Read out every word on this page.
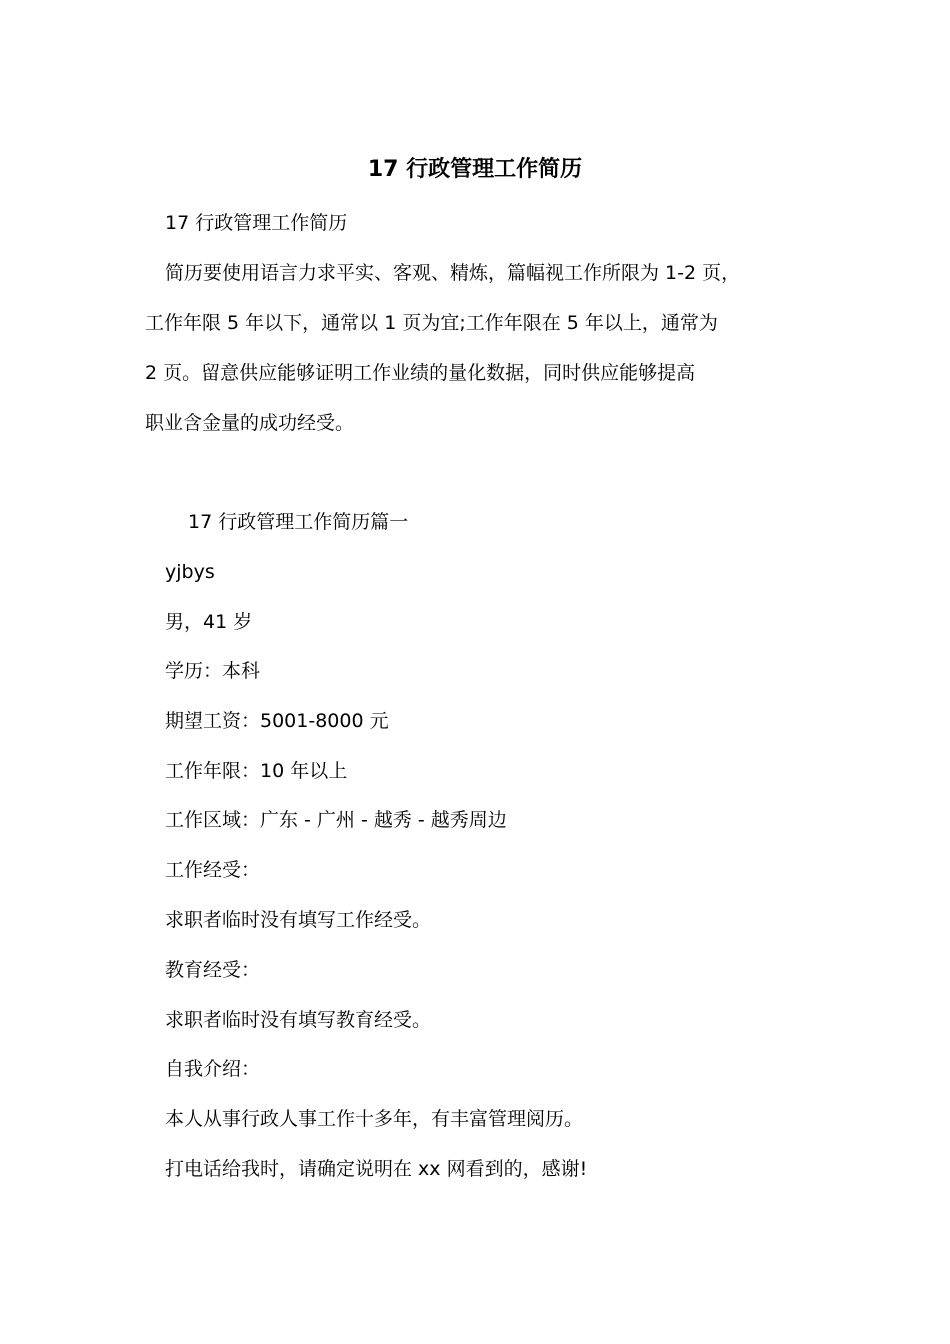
17 行政管理工作简历
17 行政管理工作简历
简历要使用语言力求平实、客观、精炼，篇幅视工作所限为 1-2 页，
工作年限 5 年以下，通常以 1 页为宜;工作年限在 5 年以上，通常为
2 页。留意供应能够证明工作业绩的量化数据，同时供应能够提高
职业含金量的成功经受。
17 行政管理工作简历篇一
yjbys
男，41 岁
学历：本科
期望工资：5001-8000 元
工作年限：10 年以上
工作区域：广东 - 广州 - 越秀 - 越秀周边
工作经受：
求职者临时没有填写工作经受。
教育经受：
求职者临时没有填写教育经受。
自我介绍：
本人从事行政人事工作十多年，有丰富管理阅历。
打电话给我时，请确定说明在 xx 网看到的，感谢!
